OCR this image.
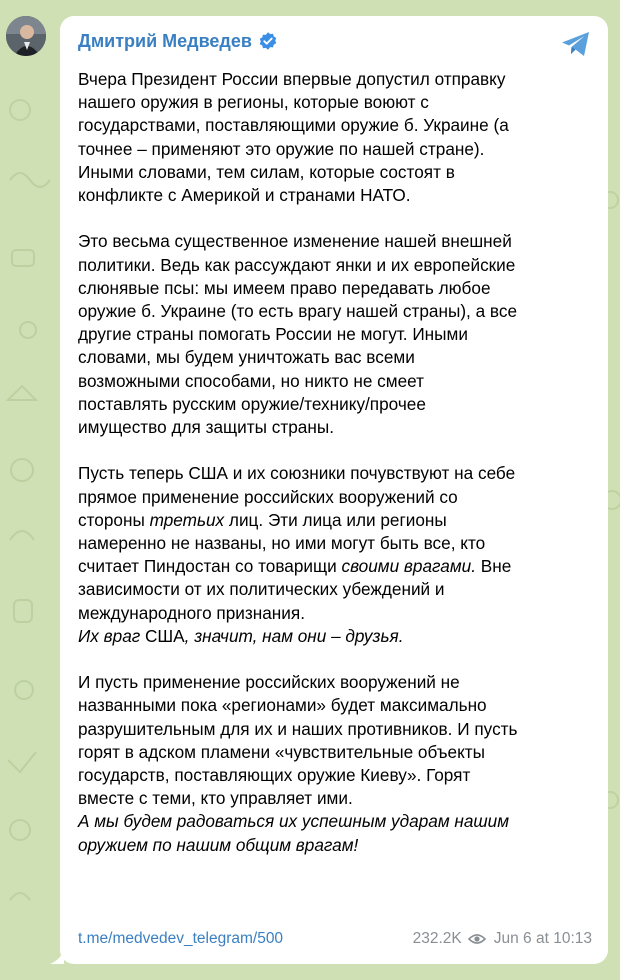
Дмитрий Медведев

Вчера Президент России впервые допустил отправку
нашего оружия в регионы, которые воюют с
государствами, поставляющими оружие б. Украине (а
точнее – применяют это оружие по нашей стране).
Иными словами, тем силам, которые состоят в
конфликте с Америкой и странами НАТО.

Это весьма существенное изменение нашей внешней
политики. Ведь как рассуждают янки и их европейские
слюнявые псы: мы имеем право передавать любое
оружие б. Украине (то есть врагу нашей страны), а все
другие страны помогать России не могут. Иными
словами, мы будем уничтожать вас всеми
возможными способами, но никто не смеет
поставлять русским оружие/технику/прочее
имущество для защиты страны.

Пусть теперь США и их союзники почувствуют на себе
прямое применение российских вооружений со
стороны третьих лиц. Эти лица или регионы
намеренно не названы, но ими могут быть все, кто
считает Пиндостан со товарищи своими врагами. Вне
зависимости от их политических убеждений и
международного признания.
Их враг США, значит, нам они – друзья.

И пусть применение российских вооружений не
названными пока «регионами» будет максимально
разрушительным для их и наших противников. И пусть
горят в адском пламени «чувствительные объекты
государств, поставляющих оружие Киеву». Горят
вместе с теми, кто управляет ими.
А мы будем радоваться их успешным ударам нашим
оружием по нашим общим врагам!

t.me/medvedev_telegram/500	232.2K Jun 6 at 10:13
